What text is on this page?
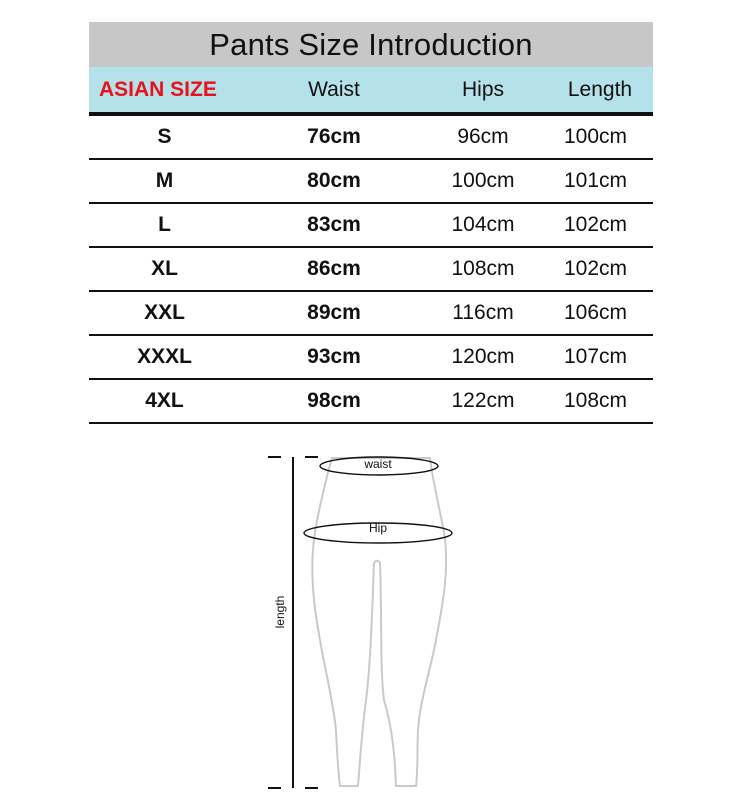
Pants Size Introduction
ASIAN SIZE	Waist	Hips	Length
S	76cm	96cm	100cm
M	80cm	100cm	101cm
L	83cm	104cm	102cm
XL	86cm	108cm	102cm
XXL	89cm	116cm	106cm
XXXL	93cm	120cm	107cm
4XL	98cm	122cm	108cm
length
waist
Hip
